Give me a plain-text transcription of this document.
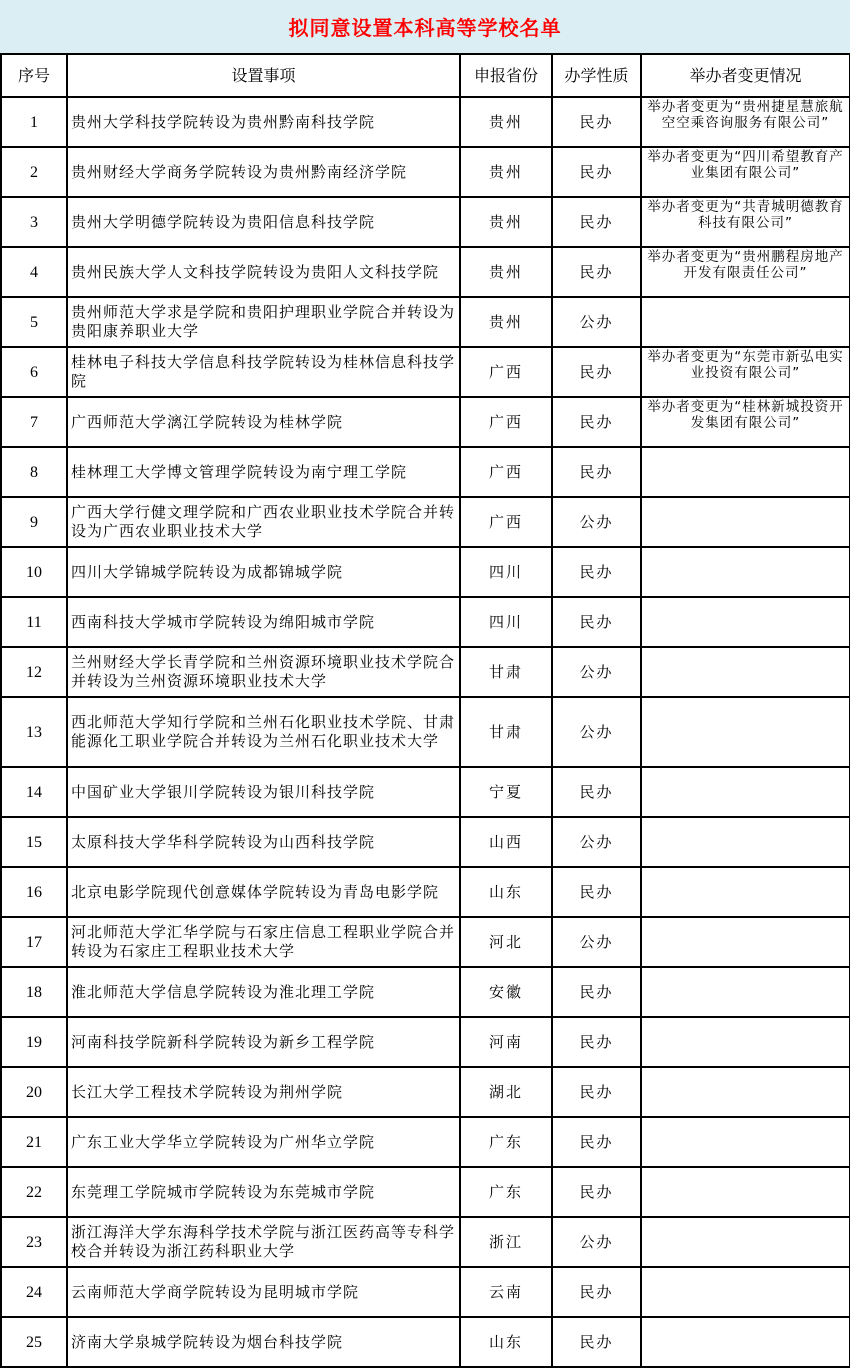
拟同意设置本科高等学校名单
序号	设置事项	申报省份	办学性质	举办者变更情况
1	贵州大学科技学院转设为贵州黔南科技学院	贵州	民办	举办者变更为“贵州捷星慧旅航空空乘咨询服务有限公司”

2	贵州财经大学商务学院转设为贵州黔南经济学院	贵州	民办	举办者变更为“四川希望教育产业集团有限公司”

3	贵州大学明德学院转设为贵阳信息科技学院	贵州	民办	举办者变更为“共青城明德教育科技有限公司”

4	贵州民族大学人文科技学院转设为贵阳人文科技学院	贵州	民办	举办者变更为“贵州鹏程房地产开发有限责任公司”

5	贵州师范大学求是学院和贵阳护理职业学院合并转设为贵阳康养职业大学	贵州	公办	

6	桂林电子科技大学信息科技学院转设为桂林信息科技学院	广西	民办	举办者变更为“东莞市新弘电实业投资有限公司”

7	广西师范大学漓江学院转设为桂林学院	广西	民办	举办者变更为“桂林新城投资开发集团有限公司”

8	桂林理工大学博文管理学院转设为南宁理工学院	广西	民办	

9	广西大学行健文理学院和广西农业职业技术学院合并转设为广西农业职业技术大学	广西	公办	

10	四川大学锦城学院转设为成都锦城学院	四川	民办	

11	西南科技大学城市学院转设为绵阳城市学院	四川	民办	

12	兰州财经大学长青学院和兰州资源环境职业技术学院合并转设为兰州资源环境职业技术大学	甘肃	公办	

13	西北师范大学知行学院和兰州石化职业技术学院、甘肃能源化工职业学院合并转设为兰州石化职业技术大学	甘肃	公办	

14	中国矿业大学银川学院转设为银川科技学院	宁夏	民办	

15	太原科技大学华科学院转设为山西科技学院	山西	公办	

16	北京电影学院现代创意媒体学院转设为青岛电影学院	山东	民办	

17	河北师范大学汇华学院与石家庄信息工程职业学院合并转设为石家庄工程职业技术大学	河北	公办	

18	淮北师范大学信息学院转设为淮北理工学院	安徽	民办	

19	河南科技学院新科学院转设为新乡工程学院	河南	民办	

20	长江大学工程技术学院转设为荆州学院	湖北	民办	

21	广东工业大学华立学院转设为广州华立学院	广东	民办	

22	东莞理工学院城市学院转设为东莞城市学院	广东	民办	

23	浙江海洋大学东海科学技术学院与浙江医药高等专科学校合并转设为浙江药科职业大学	浙江	公办	

24	云南师范大学商学院转设为昆明城市学院	云南	民办	

25	济南大学泉城学院转设为烟台科技学院	山东	民办	
